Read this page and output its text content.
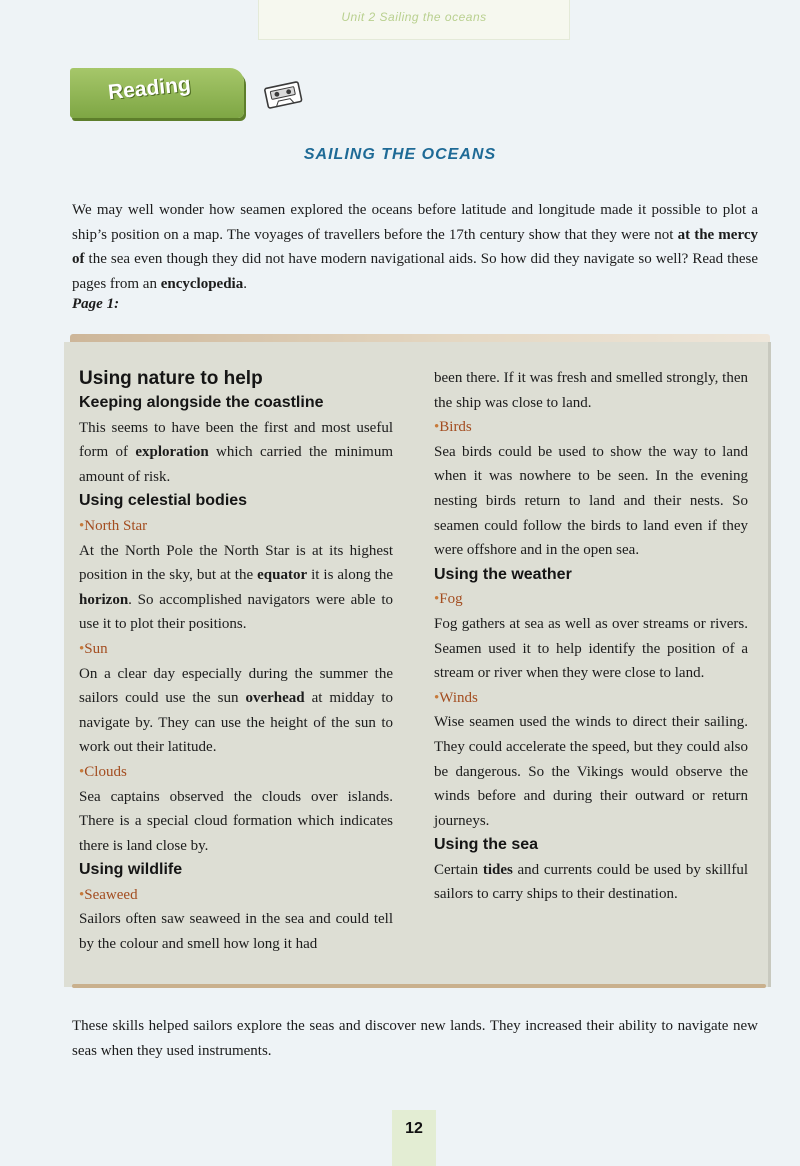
Unit 2 Sailing the oceans
Reading
SAILING THE OCEANS

We may well wonder how seamen explored the oceans before latitude and longitude made it possible to plot a ship’s position on a map. The voyages of travellers before the 17th century show that they were not at the mercy of the sea even though they did not have modern navigational aids. So how did they navigate so well? Read these pages from an encyclopedia.

Page 1:

Using nature to help

Keeping alongside the coastline

This seems to have been the first and most useful form of exploration which carried the minimum amount of risk.

Using celestial bodies

• North Star

At the North Pole the North Star is at its highest position in the sky, but at the equator it is along the horizon. So accomplished navigators were able to use it to plot their positions.

• Sun

On a clear day especially during the summer the sailors could use the sun overhead at midday to navigate by. They can use the height of the sun to work out their latitude.

• Clouds

Sea captains observed the clouds over islands. There is a special cloud formation which indicates there is land close by.

Using wildlife

• Seaweed

Sailors often saw seaweed in the sea and could tell by the colour and smell how long it had

been there. If it was fresh and smelled strongly, then the ship was close to land.

• Birds

Sea birds could be used to show the way to land when it was nowhere to be seen. In the evening nesting birds return to land and their nests. So seamen could follow the birds to land even if they were offshore and in the open sea.

Using the weather

• Fog

Fog gathers at sea as well as over streams or rivers. Seamen used it to help identify the position of a stream or river when they were close to land.

• Winds

Wise seamen used the winds to direct their sailing. They could accelerate the speed, but they could also be dangerous. So the Vikings would observe the winds before and during their outward or return journeys.

Using the sea

Certain tides and currents could be used by skillful sailors to carry ships to their destination.

These skills helped sailors explore the seas and discover new lands. They increased their ability to navigate new seas when they used instruments.

12
